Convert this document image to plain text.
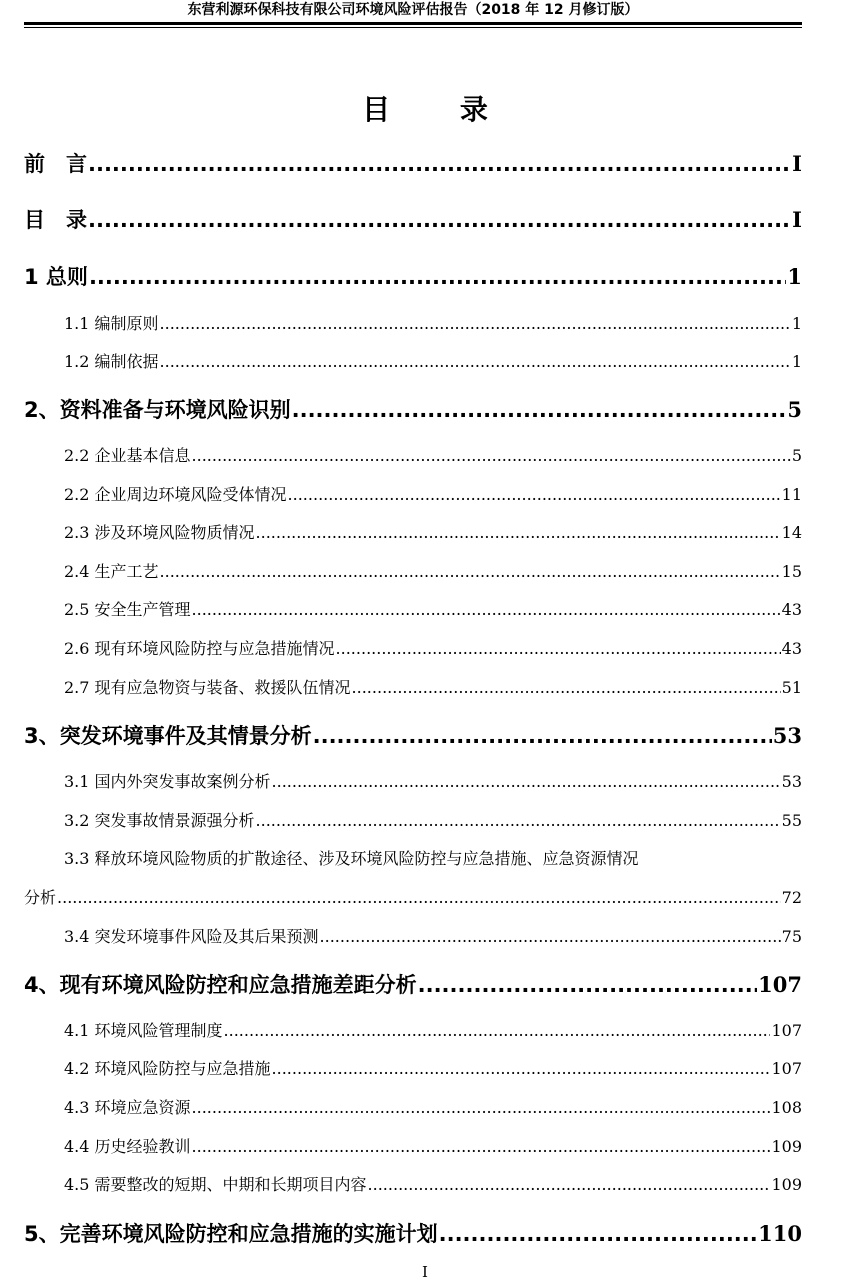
东营利源环保科技有限公司环境风险评估报告（2018 年 12 月修订版）
目 录
前　言 .....	I
目　录 .....	I
1 总则 .....	1
1.1 编制原则 .....	1
1.2 编制依据 .....	1
2、资料准备与环境风险识别 .....	5
2.2 企业基本信息 .....	5
2.2 企业周边环境风险受体情况 .....	11
2.3 涉及环境风险物质情况 .....	14
2.4 生产工艺 .....	15
2.5 安全生产管理 .....	43
2.6 现有环境风险防控与应急措施情况 .....	43
2.7 现有应急物资与装备、救援队伍情况 .....	51
3、突发环境事件及其情景分析 .....	53
3.1 国内外突发事故案例分析 .....	53
3.2 突发事故情景源强分析 .....	55
3.3 释放环境风险物质的扩散途径、涉及环境风险防控与应急措施、应急资源情况
分析 .....	72
3.4 突发环境事件风险及其后果预测 .....	75
4、现有环境风险防控和应急措施差距分析 .....	107
4.1 环境风险管理制度 .....	107
4.2 环境风险防控与应急措施 .....	107
4.3 环境应急资源 .....	108
4.4 历史经验教训 .....	109
4.5 需要整改的短期、中期和长期项目内容 .....	109
5、完善环境风险防控和应急措施的实施计划 .....	110
I
